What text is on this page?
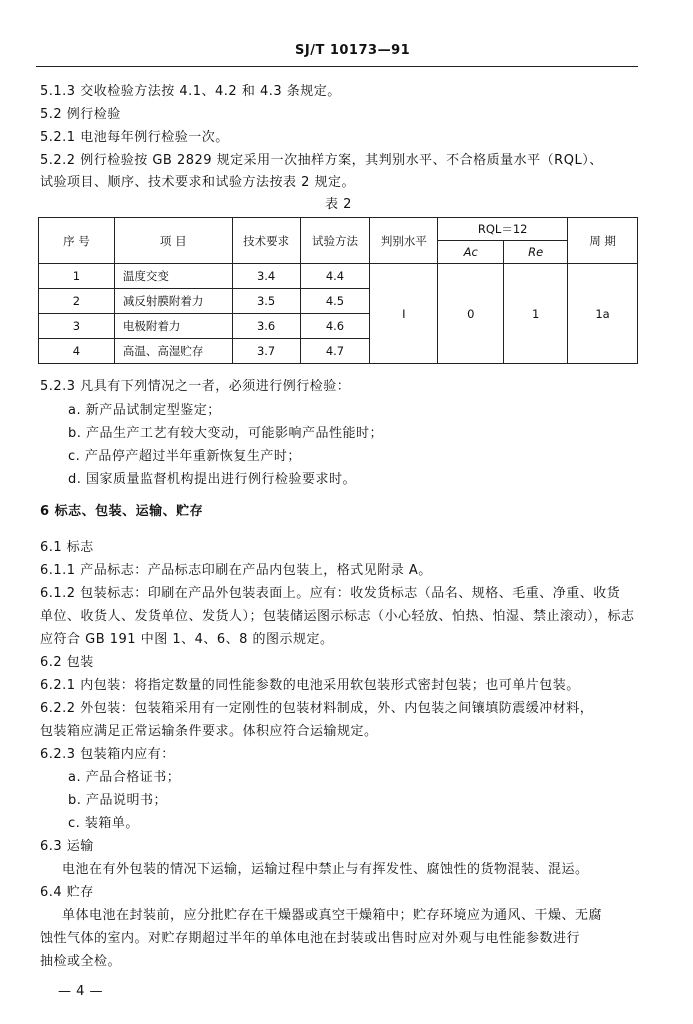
SJ/T 10173—91
5.1.3 交收检验方法按 4.1、4.2 和 4.3 条规定。
5.2 例行检验
5.2.1 电池每年例行检验一次。
5.2.2 例行检验按 GB 2829 规定采用一次抽样方案，其判别水平、不合格质量水平（RQL）、
试验项目、顺序、技术要求和试验方法按表 2 规定。
表 2
序 号	项 目	技术要求	试验方法	判别水平	RQL＝12		周 期
					Ac	Re	
1	温度交变	3.4	4.4	I	0	1	1a
2	减反射膜附着力	3.5	4.5				
3	电极附着力	3.6	4.6				
4	高温、高湿贮存	3.7	4.7				
5.2.3 凡具有下列情况之一者，必须进行例行检验：
a. 新产品试制定型鉴定；
b. 产品生产工艺有较大变动，可能影响产品性能时；
c. 产品停产超过半年重新恢复生产时；
d. 国家质量监督机构提出进行例行检验要求时。
6 标志、包装、运输、贮存
6.1 标志
6.1.1 产品标志：产品标志印刷在产品内包装上，格式见附录 A。
6.1.2 包装标志：印刷在产品外包装表面上。应有：收发货标志（品名、规格、毛重、净重、收货
单位、收货人、发货单位、发货人）；包装储运图示标志（小心轻放、怕热、怕湿、禁止滚动），标志
应符合 GB 191 中图 1、4、6、8 的图示规定。
6.2 包装
6.2.1 内包装：将指定数量的同性能参数的电池采用软包装形式密封包装；也可单片包装。
6.2.2 外包装：包装箱采用有一定刚性的包装材料制成，外、内包装之间镶填防震缓冲材料，
包装箱应满足正常运输条件要求。体积应符合运输规定。
6.2.3 包装箱内应有：
a. 产品合格证书；
b. 产品说明书；
c. 装箱单。
6.3 运输
电池在有外包装的情况下运输，运输过程中禁止与有挥发性、腐蚀性的货物混装、混运。
6.4 贮存
单体电池在封装前，应分批贮存在干燥器或真空干燥箱中；贮存环境应为通风、干燥、无腐
蚀性气体的室内。对贮存期超过半年的单体电池在封装或出售时应对外观与电性能参数进行
抽检或全检。
— 4 —
